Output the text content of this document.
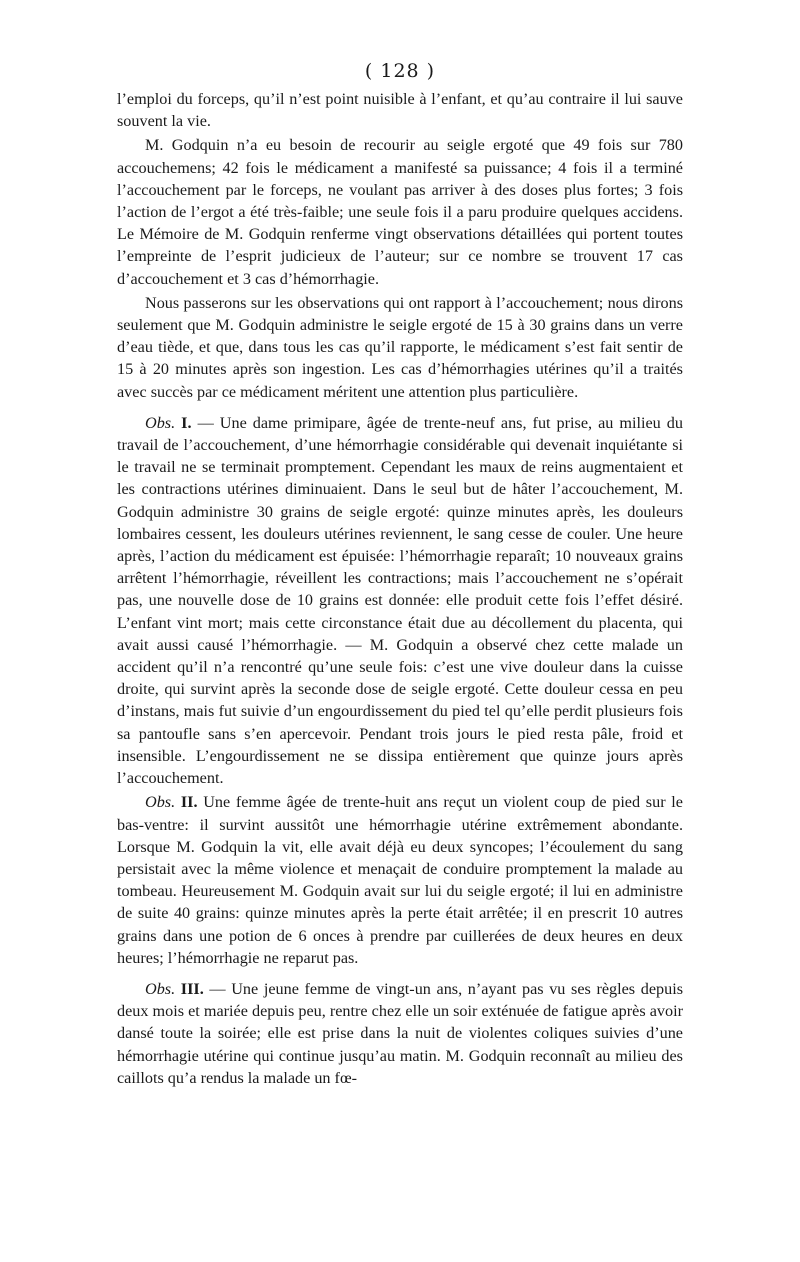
( 128 )

l’emploi du forceps, qu’il n’est point nuisible à l’enfant, et qu’au contraire il lui sauve souvent la vie.

M. Godquin n’a eu besoin de recourir au seigle ergoté que 49 fois sur 780 accouchemens; 42 fois le médicament a manifesté sa puissance; 4 fois il a terminé l’accouchement par le forceps, ne voulant pas arriver à des doses plus fortes; 3 fois l’action de l’ergot a été très-faible; une seule fois il a paru produire quelques accidens. Le Mémoire de M. Godquin renferme vingt observations détaillées qui portent toutes l’empreinte de l’esprit judicieux de l’auteur; sur ce nombre se trouvent 17 cas d’accouchement et 3 cas d’hémorrhagie.

Nous passerons sur les observations qui ont rapport à l’accouchement; nous dirons seulement que M. Godquin administre le seigle ergoté de 15 à 30 grains dans un verre d’eau tiède, et que, dans tous les cas qu’il rapporte, le médicament s’est fait sentir de 15 à 20 minutes après son ingestion. Les cas d’hémorrhagies utérines qu’il a traités avec succès par ce médicament méritent une attention plus particulière.

Obs. I. — Une dame primipare, âgée de trente-neuf ans, fut prise, au milieu du travail de l’accouchement, d’une hémorrhagie considérable qui devenait inquiétante si le travail ne se terminait promptement. Cependant les maux de reins augmentaient et les contractions utérines diminuaient. Dans le seul but de hâter l’accouchement, M. Godquin administre 30 grains de seigle ergoté: quinze minutes après, les douleurs lombaires cessent, les douleurs utérines reviennent, le sang cesse de couler. Une heure après, l’action du médicament est épuisée: l’hémorrhagie reparaît; 10 nouveaux grains arrêtent l’hémorrhagie, réveillent les contractions; mais l’accouchement ne s’opérait pas, une nouvelle dose de 10 grains est donnée: elle produit cette fois l’effet désiré. L’enfant vint mort; mais cette circonstance était due au décollement du placenta, qui avait aussi causé l’hémorrhagie. — M. Godquin a observé chez cette malade un accident qu’il n’a rencontré qu’une seule fois: c’est une vive douleur dans la cuisse droite, qui survint après la seconde dose de seigle ergoté. Cette douleur cessa en peu d’instans, mais fut suivie d’un engourdissement du pied tel qu’elle perdit plusieurs fois sa pantoufle sans s’en apercevoir. Pendant trois jours le pied resta pâle, froid et insensible. L’engourdissement ne se dissipa entièrement que quinze jours après l’accouchement.

Obs. II. Une femme âgée de trente-huit ans reçut un violent coup de pied sur le bas-ventre: il survint aussitôt une hémorrhagie utérine extrêmement abondante. Lorsque M. Godquin la vit, elle avait déjà eu deux syncopes; l’écoulement du sang persistait avec la même violence et menaçait de conduire promptement la malade au tombeau. Heureusement M. Godquin avait sur lui du seigle ergoté; il lui en administre de suite 40 grains: quinze minutes après la perte était arrêtée; il en prescrit 10 autres grains dans une potion de 6 onces à prendre par cuillerées de deux heures en deux heures; l’hémorrhagie ne reparut pas.

Obs. III. — Une jeune femme de vingt-un ans, n’ayant pas vu ses règles depuis deux mois et mariée depuis peu, rentre chez elle un soir exténuée de fatigue après avoir dansé toute la soirée; elle est prise dans la nuit de violentes coliques suivies d’une hémorrhagie utérine qui continue jusqu’au matin. M. Godquin reconnaît au milieu des caillots qu’a rendus la malade un fœ-
